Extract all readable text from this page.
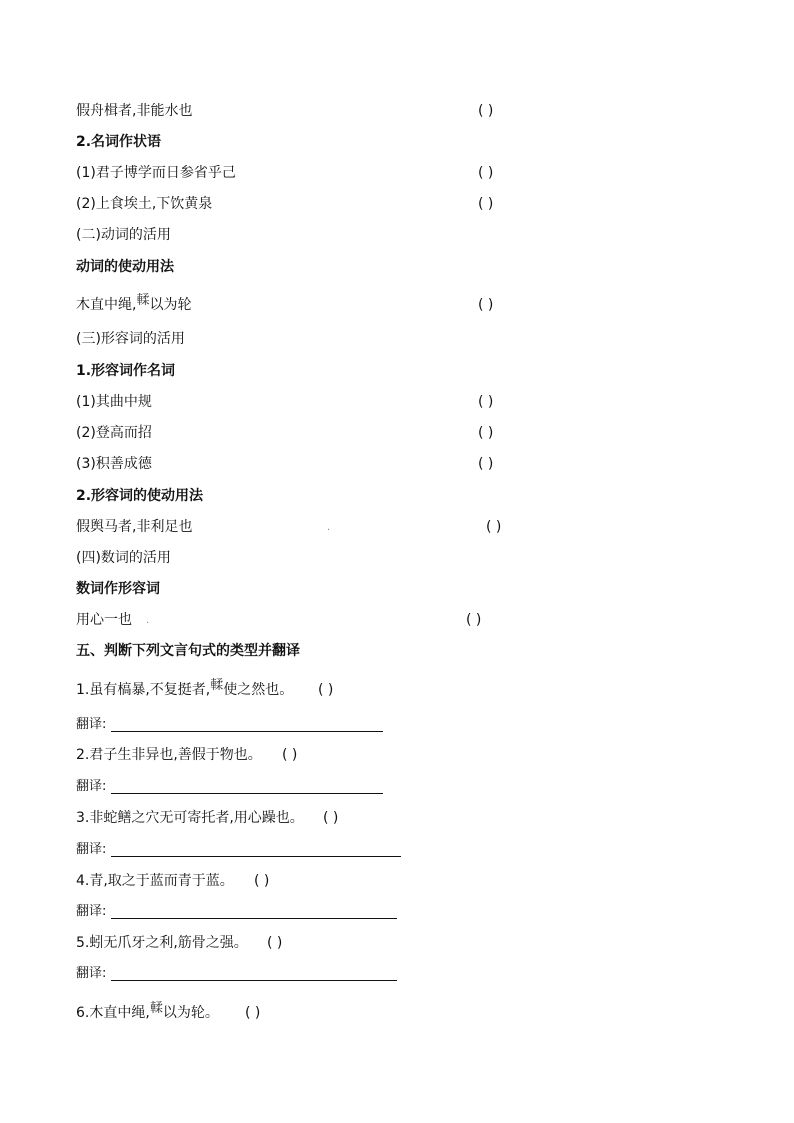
假舟楫者,非能水也	( )
2.名词作状语
(1)君子博学而日参省乎己	( )
(2)上食埃土,下饮黄泉	( )
(二)动词的活用
动词的使动用法
木直中绳,輮以为轮	( )
(三)形容词的活用
1.形容词作名词
(1)其曲中规	( )
(2)登高而招	( )
(3)积善成德	( )
2.形容词的使动用法
假舆马者,非利足也	.	( )
(四)数词的活用
数词作形容词
用心一也 .	( )
五、判断下列文言句式的类型并翻译
1.虽有槁暴,不复挺者,輮使之然也。 ( )
翻译:
2.君子生非异也,善假于物也。 ( )
翻译:
3.非蛇鳝之穴无可寄托者,用心躁也。 ( )
翻译:
4.青,取之于蓝而青于蓝。 ( )
翻译:
5.蚓无爪牙之利,筋骨之强。 ( )
翻译:
6.木直中绳,輮以为轮。 ( )
